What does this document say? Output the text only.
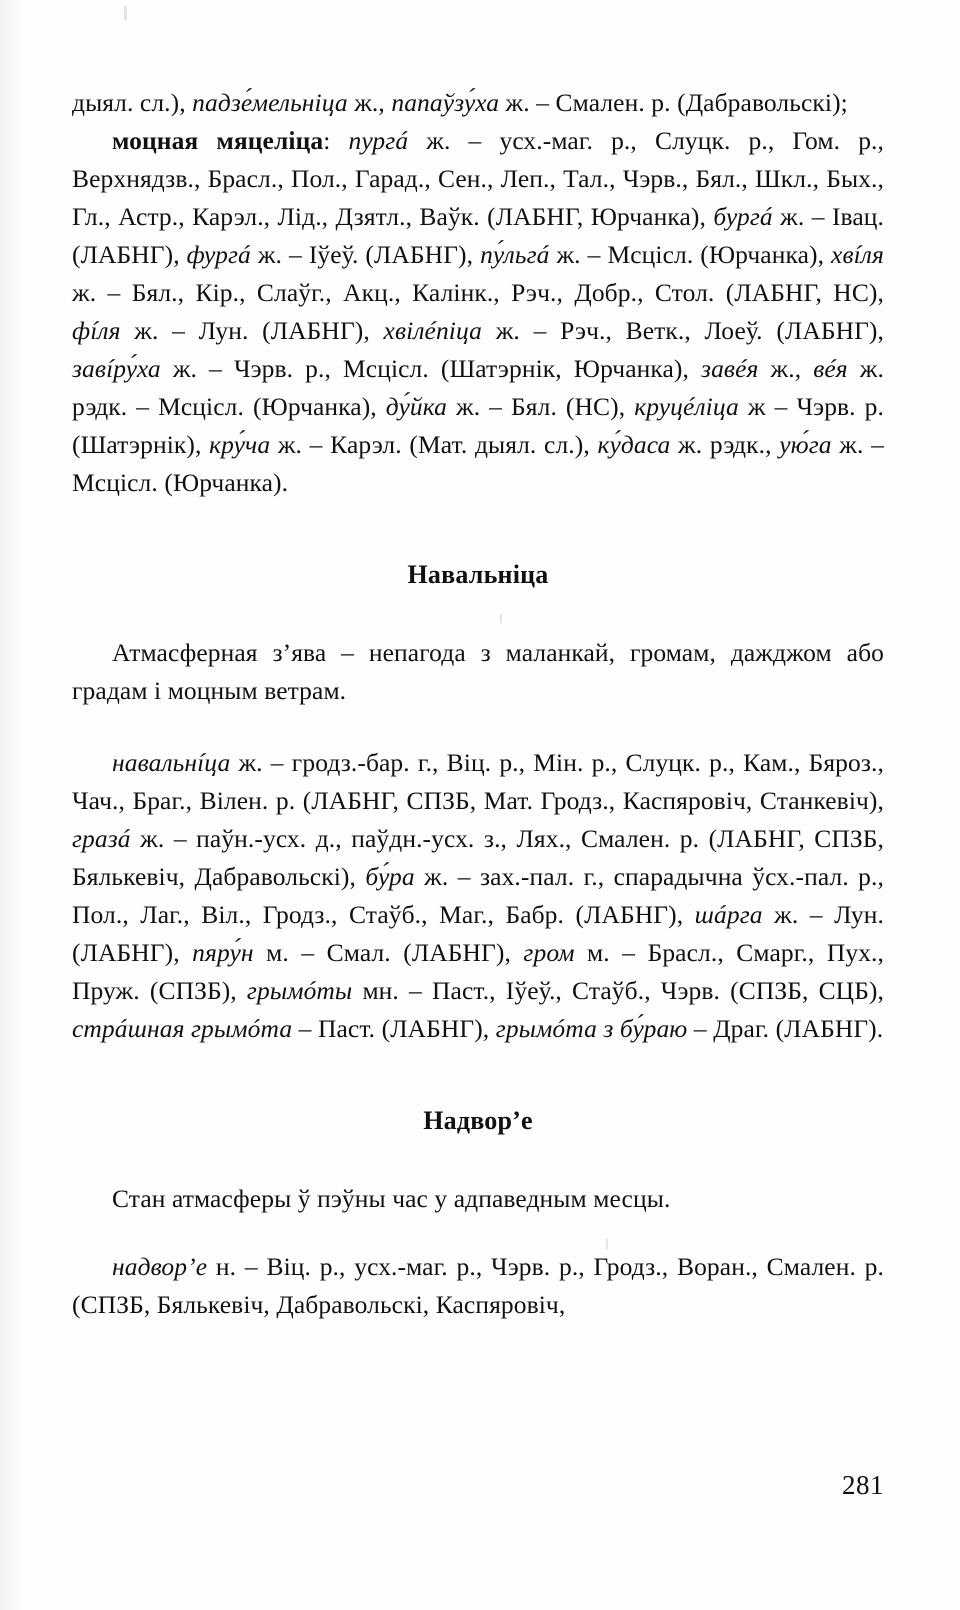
дыял. сл.), падзе́мельніца ж., папаўзу́ха ж. – Смален. р. (Дабравольскі);

моцная мяцеліца: пургá ж. – усх.-маг. р., Слуцк. р., Гом. р., Верхнядзв., Брасл., Пол., Гарад., Сен., Леп., Тал., Чэрв., Бял., Шкл., Бых., Гл., Астр., Карэл., Лід., Дзятл., Ваўк. (ЛАБНГ, Юрчанка), бургá ж. – Івац. (ЛАБНГ), фургá ж. – Іўеў. (ЛАБНГ), пу́льгá ж. – Мсцісл. (Юрчанка), хвíля ж. – Бял., Кір., Слаўг., Акц., Калінк., Рэч., Добр., Стол. (ЛАБНГ, НС), фíля ж. – Лун. (ЛАБНГ), хвілéпіца ж. – Рэч., Ветк., Лоеў. (ЛАБНГ), завíру́ха ж. – Чэрв. р., Мсцісл. (Шатэрнік, Юрчанка), завéя ж., вéя ж. рэдк. – Мсцісл. (Юрчанка), ду́йка ж. – Бял. (НС), круцéліца ж – Чэрв. р. (Шатэрнік), кру́ча ж. – Карэл. (Мат. дыял. сл.), ку́даса ж. рэдк., ую́га ж. – Мсцісл. (Юрчанка).

Навальніца

Атмасферная з’ява – непагода з маланкай, громам, дажджом або градам і моцным ветрам.

навальнíца ж. – гродз.-бар. г., Віц. р., Мін. р., Слуцк. р., Кам., Бяроз., Чач., Браг., Вілен. р. (ЛАБНГ, СПЗБ, Мат. Гродз., Каспяровіч, Станкевіч), гразá ж. – паўн.-усх. д., паўдн.-усх. з., Лях., Смален. р. (ЛАБНГ, СПЗБ, Бялькевіч, Дабравольскі), бу́ра ж. – зах.-пал. г., спарадычна ўсх.-пал. р., Пол., Лаг., Віл., Гродз., Стаўб., Маг., Бабр. (ЛАБНГ), шáрга ж. – Лун. (ЛАБНГ), пяру́н м. – Смал. (ЛАБНГ), гром м. – Брасл., Смарг., Пух., Пруж. (СПЗБ), грымóты мн. – Паст., Іўеў., Стаўб., Чэрв. (СПЗБ, СЦБ), стрáшная грымóта – Паст. (ЛАБНГ), грымóта з бу́раю – Драг. (ЛАБНГ).

Надвор’е

Стан атмасферы ў пэўны час у адпаведным месцы.

надвор’е н. – Віц. р., усх.-маг. р., Чэрв. р., Гродз., Воран., Смален. р. (СПЗБ, Бялькевіч, Дабравольскі, Каспяровіч,

281
